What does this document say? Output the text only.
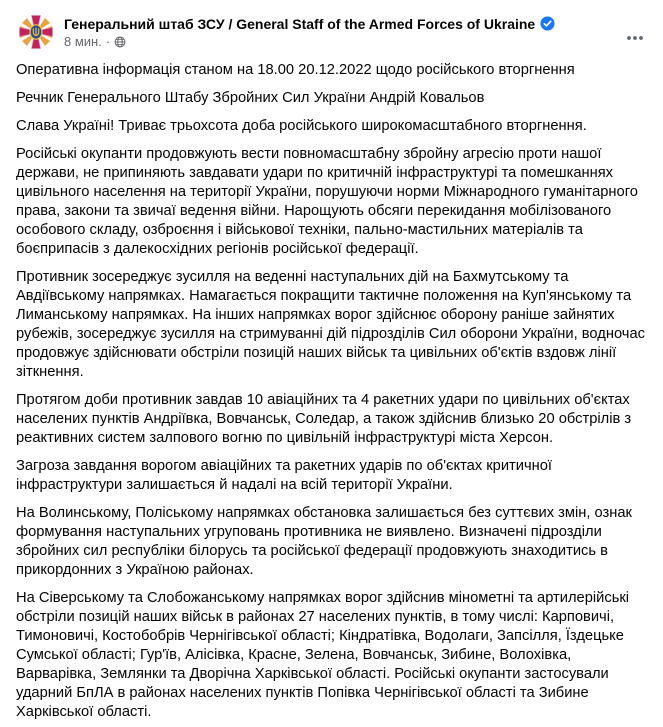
Генеральний штаб ЗСУ / General Staff of the Armed Forces of Ukraine
8 мин. ·

Оперативна інформація станом на 18.00 20.12.2022 щодо російського вторгнення

Речник Генерального Штабу Збройних Сил України Андрій Ковальов

Слава Україні! Триває трьохсота доба російського широкомасштабного вторгнення.

Російські окупанти продовжують вести повномасштабну збройну агресію проти нашої держави, не припиняють завдавати удари по критичній інфраструктурі та помешканнях цивільного населення на території України, порушуючи норми Міжнародного гуманітарного права, закони та звичаї ведення війни. Нарощують обсяги перекидання мобілізованого особового складу, озброєння і військової техніки, пально-мастильних матеріалів та боєприпасів з далекосхідних регіонів російської федерації.

Противник зосереджує зусилля на веденні наступальних дій на Бахмутському та Авдіївському напрямках. Намагається покращити тактичне положення на Куп'янському та Лиманському напрямках. На інших напрямках ворог здійснює оборону раніше зайнятих рубежів, зосереджує зусилля на стримуванні дій підрозділів Сил оборони України, водночас продовжує здійснювати обстріли позицій наших військ та цивільних об'єктів вздовж лінії зіткнення.

Протягом доби противник завдав 10 авіаційних та 4 ракетних удари по цивільних об'єктах населених пунктів Андріївка, Вовчанськ, Соледар, а також здійснив близько 20 обстрілів з реактивних систем залпового вогню по цивільній інфраструктурі міста Херсон.

Загроза завдання ворогом авіаційних та ракетних ударів по об'єктах критичної інфраструктури залишається й надалі на всій території України.

На Волинському, Поліському напрямках обстановка залишається без суттєвих змін, ознак формування наступальних угруповань противника не виявлено. Визначені підрозділи збройних сил республіки білорусь та російської федерації продовжують знаходитись в прикордонних з Україною районах.

На Сіверському та Слобожанському напрямках ворог здійснив мінометні та артилерійські обстріли позицій наших військ в районах 27 населених пунктів, в тому числі: Карповичі, Тимоновичі, Костобобрів Чернігівської області; Кіндратівка, Водолаги, Запсілля, Їздецьке Сумської області; Гур'їв, Алісівка, Красне, Зелена, Вовчанськ, Зибине, Волохівка, Варварівка, Землянки та Дворічна Харківської області. Російські окупанти застосували ударний БпЛА в районах населених пунктів Попівка Чернігівської області та Зибине Харківської області.
